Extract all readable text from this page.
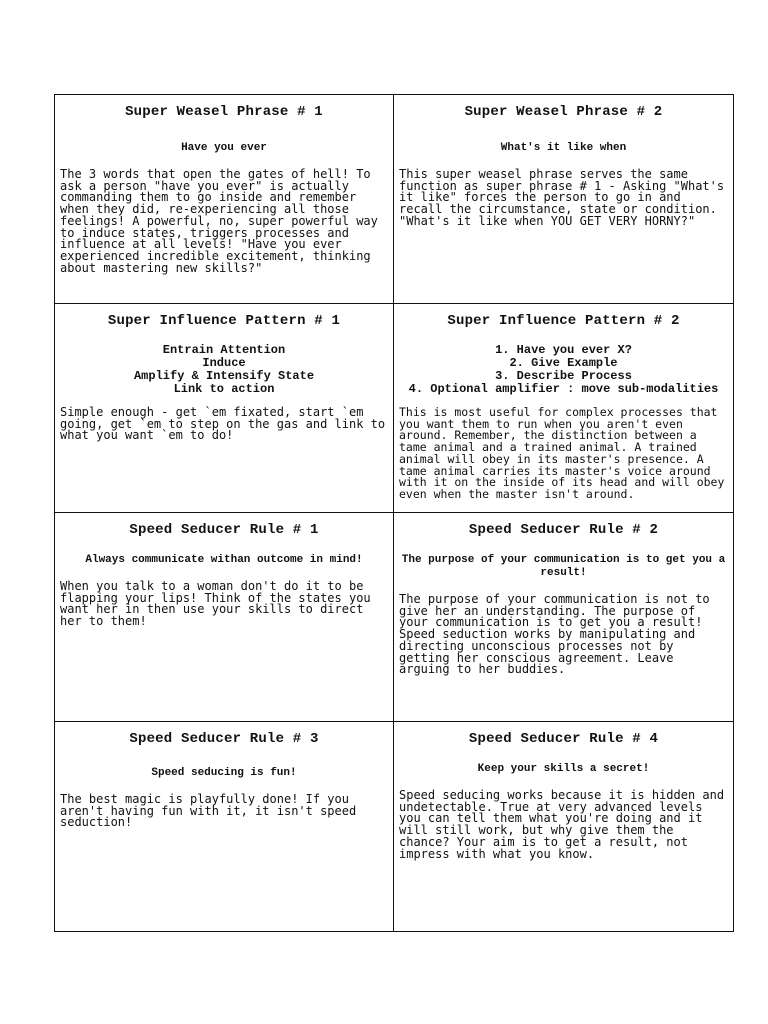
Super Weasel Phrase # 1
Have you ever
The 3 words that open the gates of hell! To ask a person "have you ever" is actually commanding them to go inside and remember when they did, re-experiencing all those feelings! A powerful, no, super powerful way to induce states, triggers processes and influence at all levels! "Have you ever experienced incredible excitement, thinking about mastering new skills?"
Super Weasel Phrase # 2
What's it like when
This super weasel phrase serves the same function as super phrase # 1 - Asking "What's it like" forces the person to go in and recall the circumstance, state or condition. "What's it like when YOU GET VERY HORNY?"
Super Influence Pattern # 1
Entrain Attention
Induce
Amplify & Intensify State
Link to action
Simple enough - get `em fixated, start `em going, get `em to step on the gas and link to what you want `em to do!
Super Influence Pattern # 2
1. Have you ever X?
2. Give Example
3. Describe Process
4. Optional amplifier : move sub-modalities
This is most useful for complex processes that you want them to run when you aren't even around. Remember, the distinction between a tame animal and a trained animal. A trained animal will obey in its master's presence. A tame animal carries its master's voice around with it on the inside of its head and will obey even when the master isn't around.
Speed Seducer Rule # 1
Always communicate withan outcome in mind!
When you talk to a woman don't do it to be flapping your lips! Think of the states you want her in then use your skills to direct her to them!
Speed Seducer Rule # 2
The purpose of your communication is to get you a result!
The purpose of your communication is not to give her an understanding. The purpose of your communication is to get you a result! Speed seduction works by manipulating and directing unconscious processes not by getting her conscious agreement. Leave arguing to her buddies.
Speed Seducer Rule # 3
Speed seducing is fun!
The best magic is playfully done! If you aren't having fun with it, it isn't speed seduction!
Speed Seducer Rule # 4
Keep your skills a secret!
Speed seducing works because it is hidden and undetectable. True at very advanced levels you can tell them what you're doing and it will still work, but why give them the chance? Your aim is to get a result, not impress with what you know.
